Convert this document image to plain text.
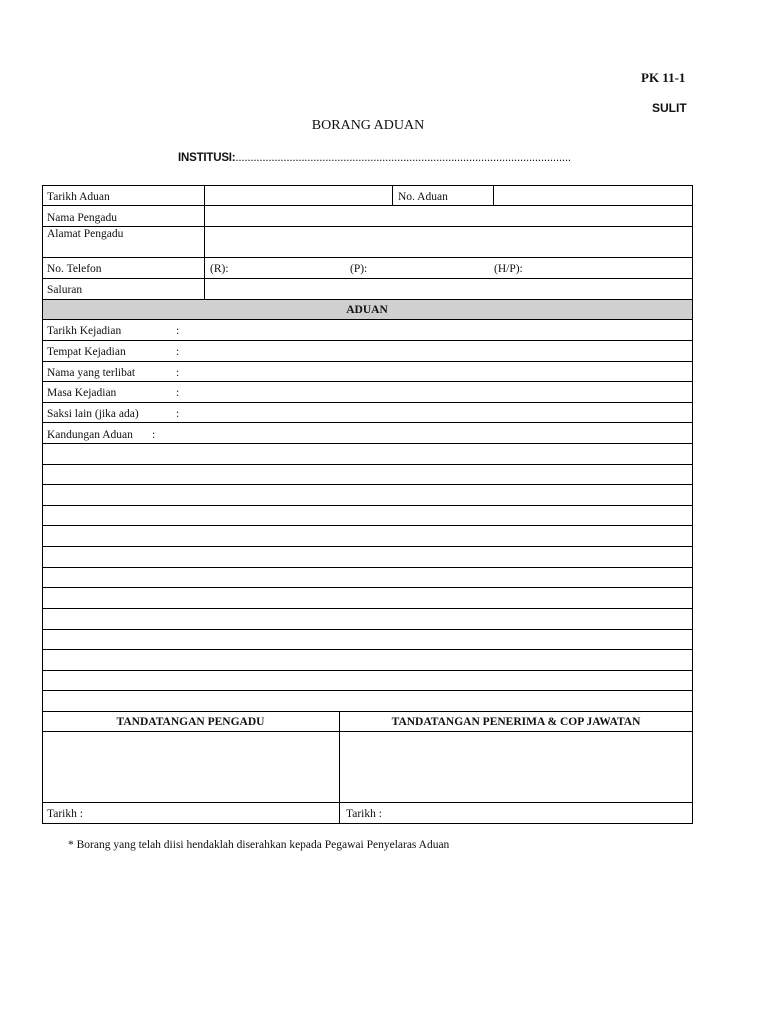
PK 11-1
SULIT
BORANG ADUAN
INSTITUSI:................................................................................................................
Tarikh Aduan	No. Aduan
Nama Pengadu
Alamat Pengadu
No. Telefon	(R):	(P):	(H/P):
Saluran
ADUAN
Tarikh Kejadian	:
Tempat Kejadian	:
Nama yang terlibat	:
Masa Kejadian	:
Saksi lain (jika ada)	:
Kandungan Aduan :
TANDATANGAN PENGADU	TANDATANGAN PENERIMA & COP JAWATAN
Tarikh :	Tarikh :
* Borang yang telah diisi hendaklah diserahkan kepada Pegawai Penyelaras Aduan
